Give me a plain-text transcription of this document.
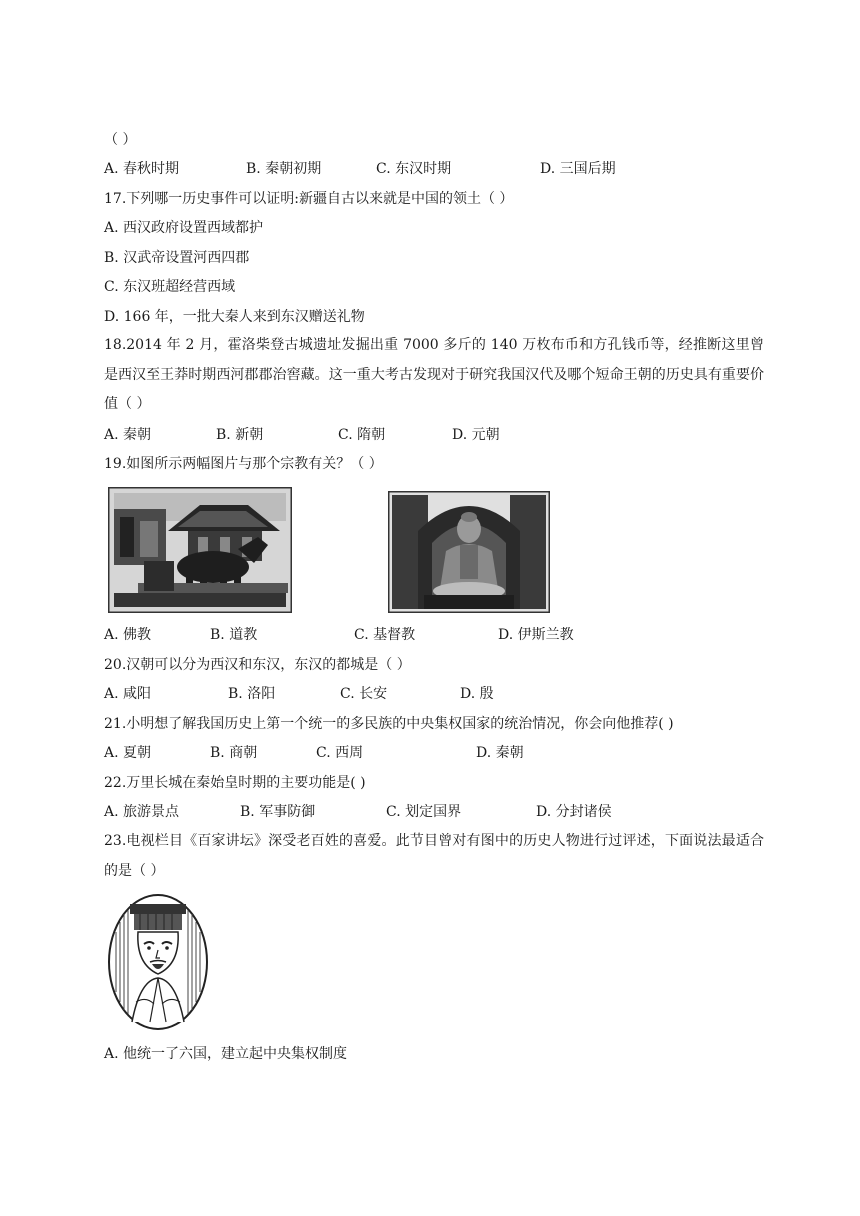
（ ）
A. 春秋时期	B. 秦朝初期	C. 东汉时期	D. 三国后期
17.下列哪一历史事件可以证明:新疆自古以来就是中国的领土（ ）
A. 西汉政府设置西域都护
B. 汉武帝设置河西四郡
C. 东汉班超经营西域
D. 166 年，一批大秦人来到东汉赠送礼物
18.2014 年 2 月，霍洛柴登古城遗址发掘出重 7000 多斤的 140 万枚布币和方孔钱币等，经推断这里曾是西汉至王莽时期西河郡郡治窖藏。这一重大考古发现对于研究我国汉代及哪个短命王朝的历史具有重要价值（ ）
A. 秦朝	B. 新朝	C. 隋朝	D. 元朝
19.如图所示两幅图片与那个宗教有关？（ ）
A. 佛教	B. 道教	C. 基督教	D. 伊斯兰教
20.汉朝可以分为西汉和东汉，东汉的都城是（ ）
A. 咸阳	B. 洛阳	C. 长安	D. 殷
21.小明想了解我国历史上第一个统一的多民族的中央集权国家的统治情况，你会向他推荐( )
A. 夏朝	B. 商朝	C. 西周	D. 秦朝
22.万里长城在秦始皇时期的主要功能是( )
A. 旅游景点	B. 军事防御	C. 划定国界	D. 分封诸侯
23.电视栏目《百家讲坛》深受老百姓的喜爱。此节目曾对有图中的历史人物进行过评述，下面说法最适合的是（ ）
A. 他统一了六国，建立起中央集权制度
